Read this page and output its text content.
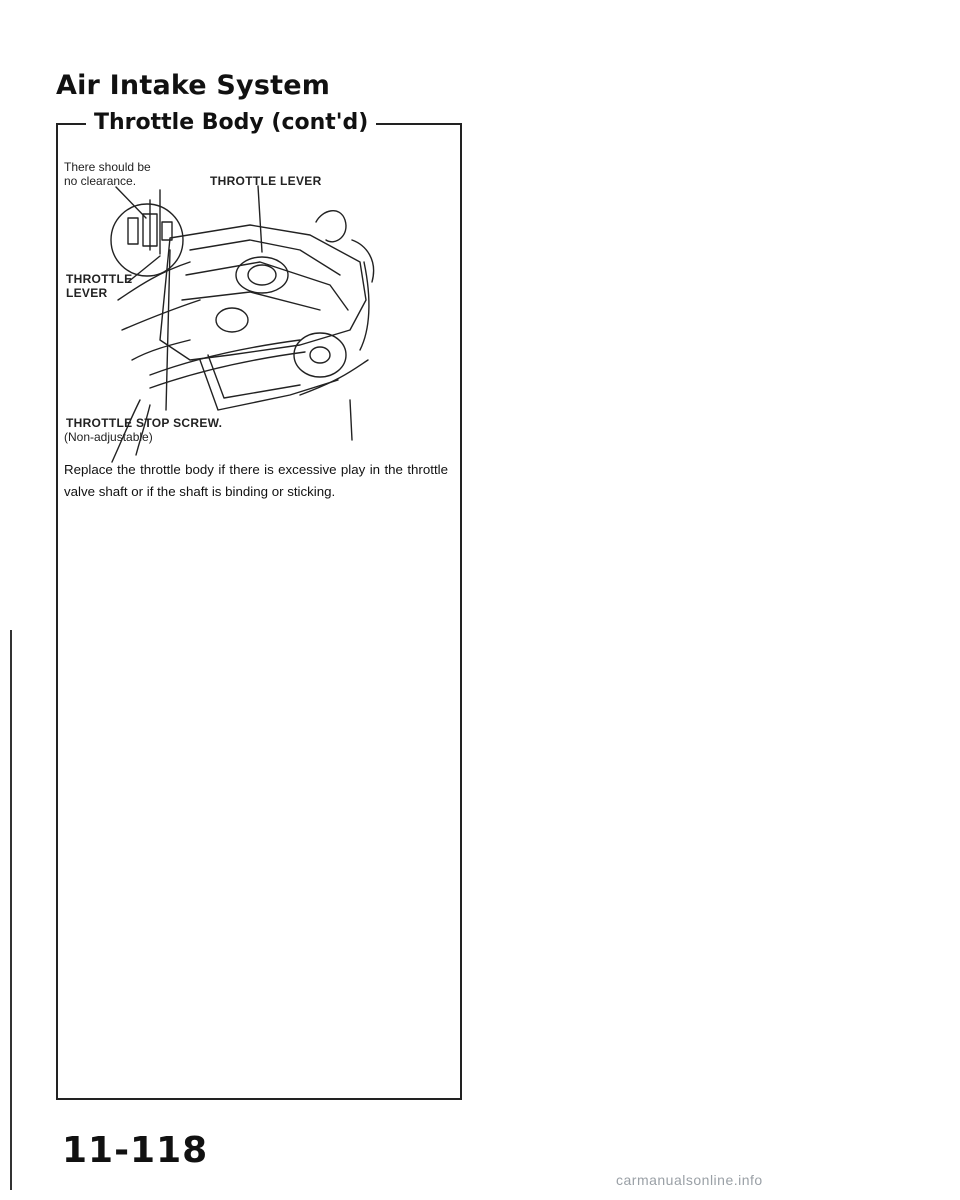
Air Intake System
Throttle Body (cont'd)
There should be
no clearance.	THROTTLE LEVER
THROTTLE
LEVER
THROTTLE STOP SCREW.
(Non-adjustable)
Replace the throttle body if there is excessive play in the throttle valve shaft or if the shaft is binding or sticking.
11-118
carmanualsonline.info
